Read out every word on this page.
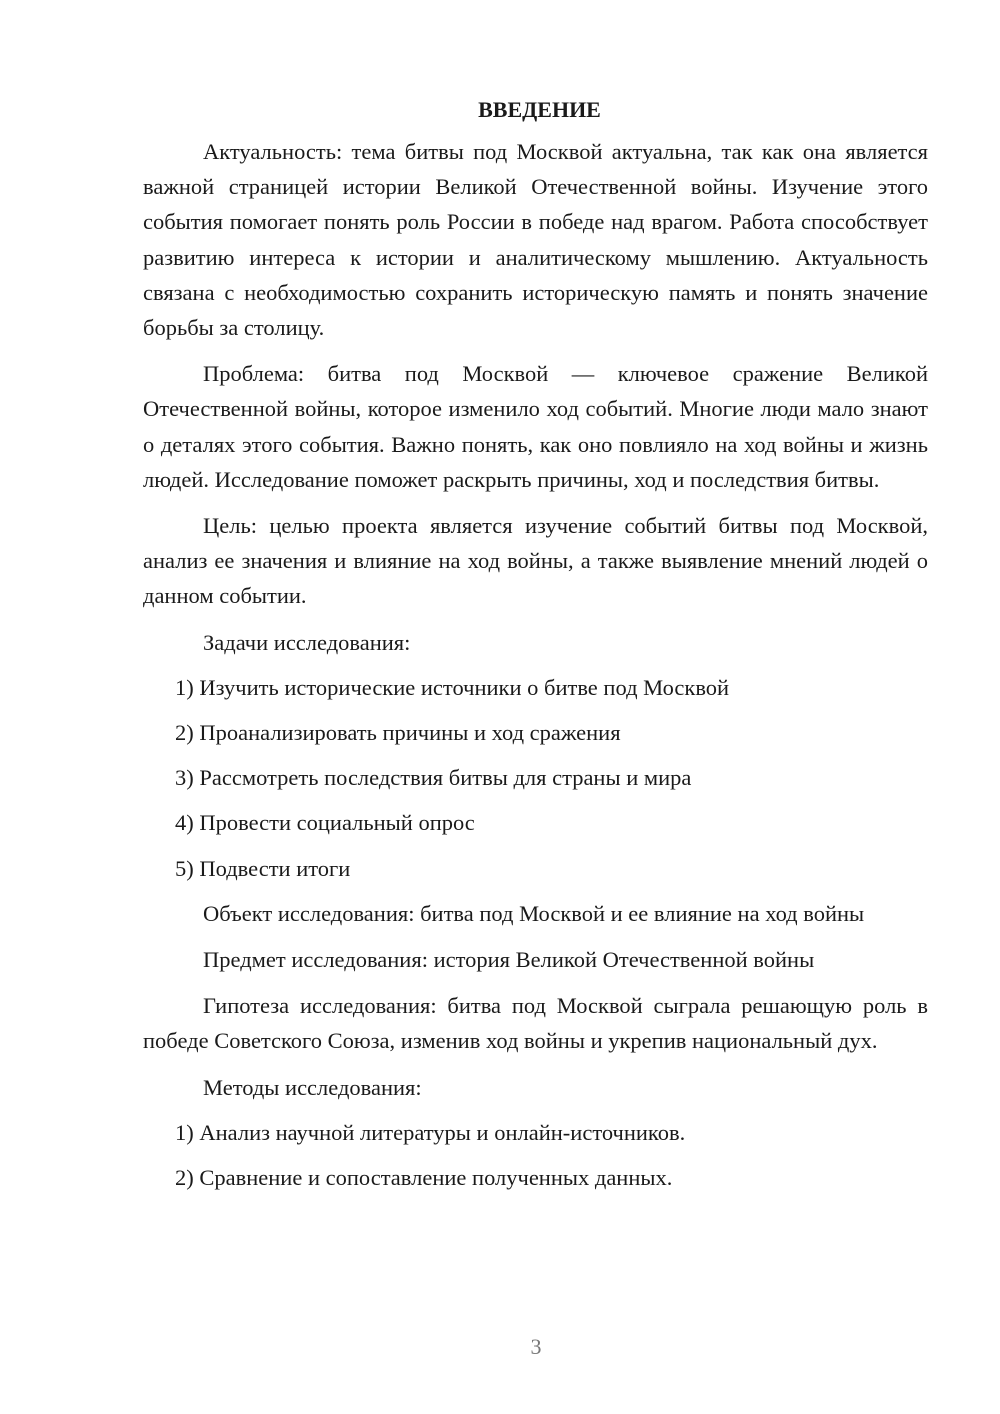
ВВЕДЕНИЕ

Актуальность: тема битвы под Москвой актуальна, так как она является важной страницей истории Великой Отечественной войны. Изучение этого события помогает понять роль России в победе над врагом. Работа способствует развитию интереса к истории и аналитическому мышлению. Актуальность связана с необходимостью сохранить историческую память и понять значение борьбы за столицу.

Проблема: битва под Москвой — ключевое сражение Великой Отечественной войны, которое изменило ход событий. Многие люди мало знают о деталях этого события. Важно понять, как оно повлияло на ход войны и жизнь людей. Исследование поможет раскрыть причины, ход и последствия битвы.

Цель: целью проекта является изучение событий битвы под Москвой, анализ ее значения и влияние на ход войны, а также выявление мнений людей о данном событии.

Задачи исследования:

1) Изучить исторические источники о битве под Москвой
2) Проанализировать причины и ход сражения
3) Рассмотреть последствия битвы для страны и мира
4) Провести социальный опрос
5) Подвести итоги

Объект исследования: битва под Москвой и ее влияние на ход войны

Предмет исследования: история Великой Отечественной войны

Гипотеза исследования: битва под Москвой сыграла решающую роль в победе Советского Союза, изменив ход войны и укрепив национальный дух.

Методы исследования:

1) Анализ научной литературы и онлайн-источников.
2) Сравнение и сопоставление полученных данных.
3
